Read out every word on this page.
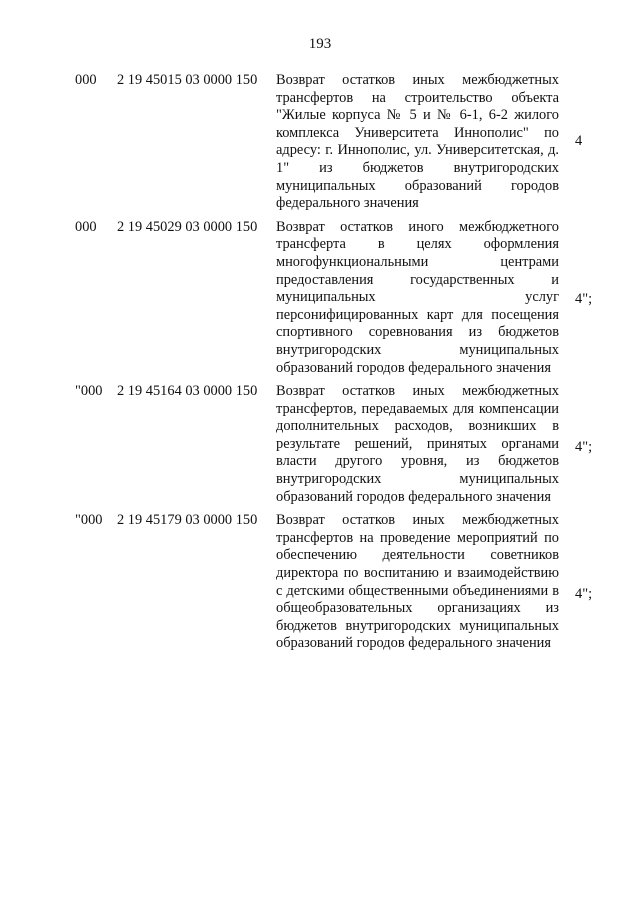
193
000 2 19 45015 03 0000 150 Возврат остатков иных межбюджетных трансфертов на строительство объекта "Жилые корпуса № 5 и № 6-1, 6-2 жилого комплекса Университета Иннополис" по адресу: г. Иннополис, ул. Университетская, д. 1" из бюджетов внутригородских муниципальных образований городов федерального значения
4
000 2 19 45029 03 0000 150 Возврат остатков иного межбюджетного трансферта в целях оформления многофункциональными центрами предоставления государственных и муниципальных услуг персонифицированных карт для посещения спортивного соревнования из бюджетов внутригородских муниципальных образований городов федерального значения
4";
"000 2 19 45164 03 0000 150 Возврат остатков иных межбюджетных трансфертов, передаваемых для компенсации дополнительных расходов, возникших в результате решений, принятых органами власти другого уровня, из бюджетов внутригородских муниципальных образований городов федерального значения
4";
"000 2 19 45179 03 0000 150 Возврат остатков иных межбюджетных трансфертов на проведение мероприятий по обеспечению деятельности советников директора по воспитанию и взаимодействию с детскими общественными объединениями в общеобразовательных организациях из бюджетов внутригородских муниципальных образований городов федерального значения
4";
